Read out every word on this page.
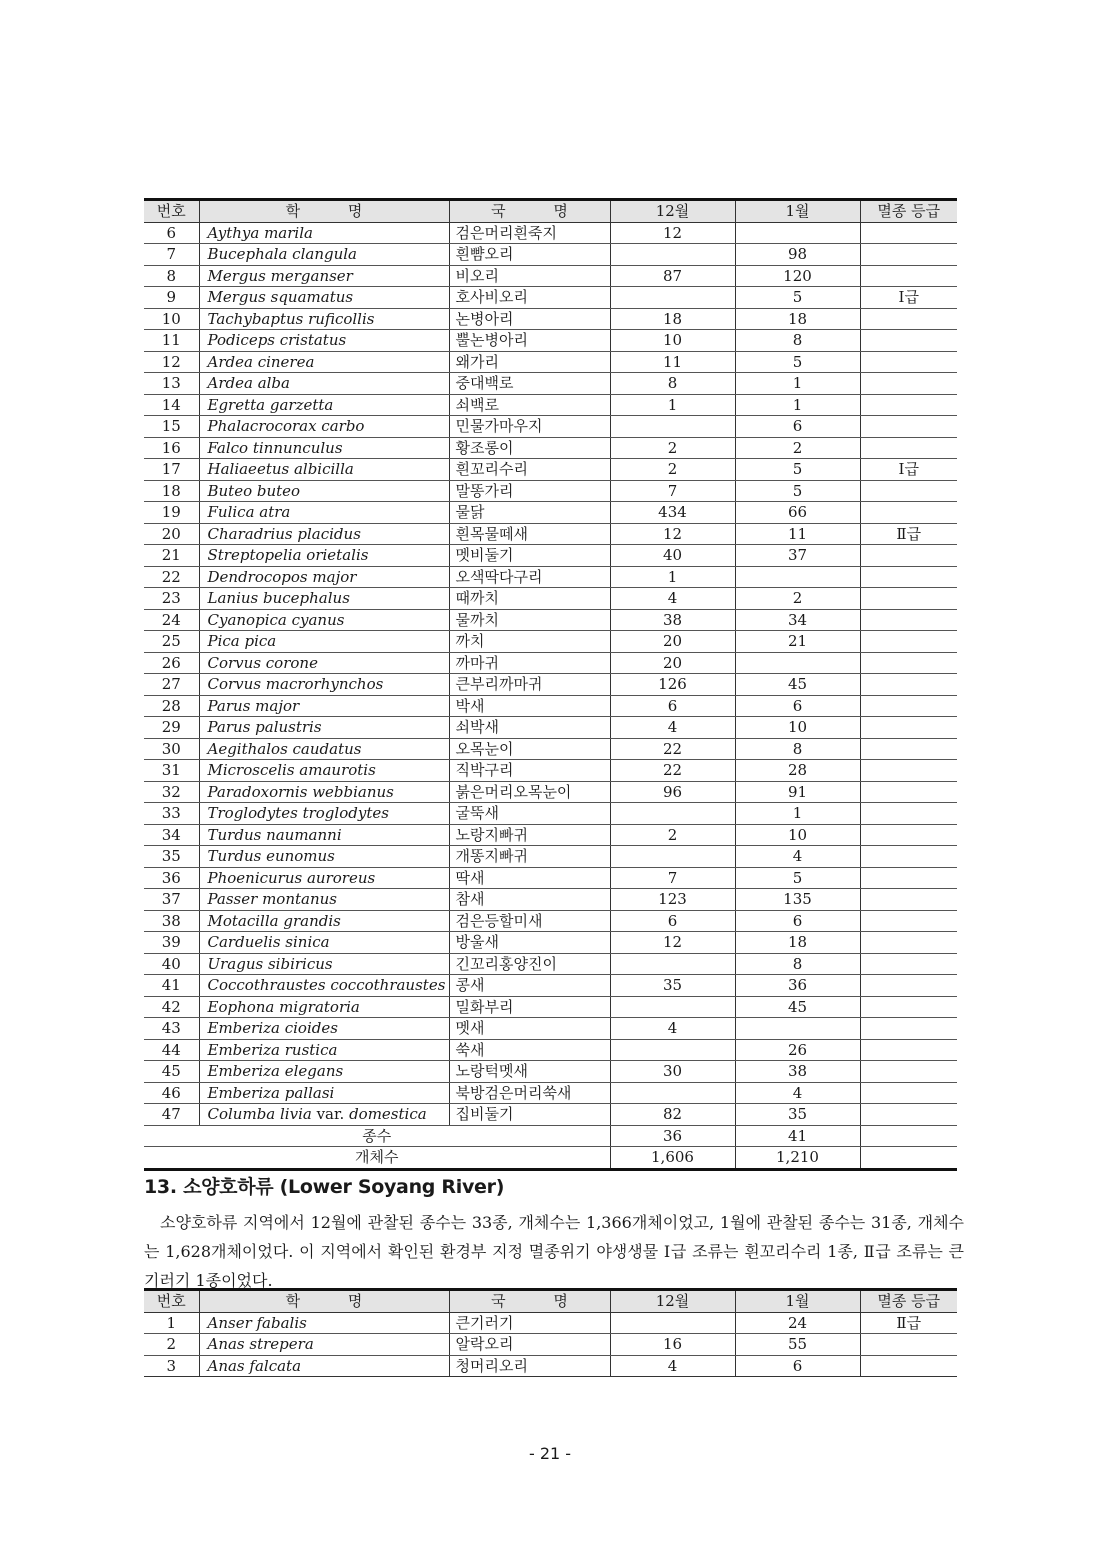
번호	학          명	국          명	12월	1월	멸종 등급
6	Aythya marila	검은머리흰죽지	12		
7	Bucephala clangula	흰뺨오리		98	
8	Mergus merganser	비오리	87	120	
9	Mergus squamatus	호사비오리		5	Ⅰ급
10	Tachybaptus ruficollis	논병아리	18	18	
11	Podiceps cristatus	뿔논병아리	10	8	
12	Ardea cinerea	왜가리	11	5	
13	Ardea alba	중대백로	8	1	
14	Egretta garzetta	쇠백로	1	1	
15	Phalacrocorax carbo	민물가마우지		6	
16	Falco tinnunculus	황조롱이	2	2	
17	Haliaeetus albicilla	흰꼬리수리	2	5	Ⅰ급
18	Buteo buteo	말똥가리	7	5	
19	Fulica atra	물닭	434	66	
20	Charadrius placidus	흰목물떼새	12	11	Ⅱ급
21	Streptopelia orietalis	멧비둘기	40	37	
22	Dendrocopos major	오색딱다구리	1		
23	Lanius bucephalus	때까치	4	2	
24	Cyanopica cyanus	물까치	38	34	
25	Pica pica	까치	20	21	
26	Corvus corone	까마귀	20		
27	Corvus macrorhynchos	큰부리까마귀	126	45	
28	Parus major	박새	6	6	
29	Parus palustris	쇠박새	4	10	
30	Aegithalos caudatus	오목눈이	22	8	
31	Microscelis amaurotis	직박구리	22	28	
32	Paradoxornis webbianus	붉은머리오목눈이	96	91	
33	Troglodytes troglodytes	굴뚝새		1	
34	Turdus naumanni	노랑지빠귀	2	10	
35	Turdus eunomus	개똥지빠귀		4	
36	Phoenicurus auroreus	딱새	7	5	
37	Passer montanus	참새	123	135	
38	Motacilla grandis	검은등할미새	6	6	
39	Carduelis sinica	방울새	12	18	
40	Uragus sibiricus	긴꼬리홍양진이		8	
41	Coccothraustes coccothraustes	콩새	35	36	
42	Eophona migratoria	밀화부리		45	
43	Emberiza cioides	멧새	4		
44	Emberiza rustica	쑥새		26	
45	Emberiza elegans	노랑턱멧새	30	38	
46	Emberiza pallasi	북방검은머리쑥새		4	
47	Columba livia var. domestica	집비둘기	82	35	
종수			36	41	
개체수			1,606	1,210	
13. 소양호하류 (Lower Soyang River)

소양호하류 지역에서 12월에 관찰된 종수는 33종, 개체수는 1,366개체이었고, 1월에 관찰된 종수는 31종, 개체수는 1,628개체이었다. 이 지역에서 확인된 환경부 지정 멸종위기 야생생물 Ⅰ급 조류는 흰꼬리수리 1종, Ⅱ급 조류는 큰기러기 1종이었다.

번호	학          명	국          명	12월	1월	멸종 등급
1	Anser fabalis	큰기러기		24	Ⅱ급
2	Anas strepera	알락오리	16	55	
3	Anas falcata	청머리오리	4	6	
- 21 -
